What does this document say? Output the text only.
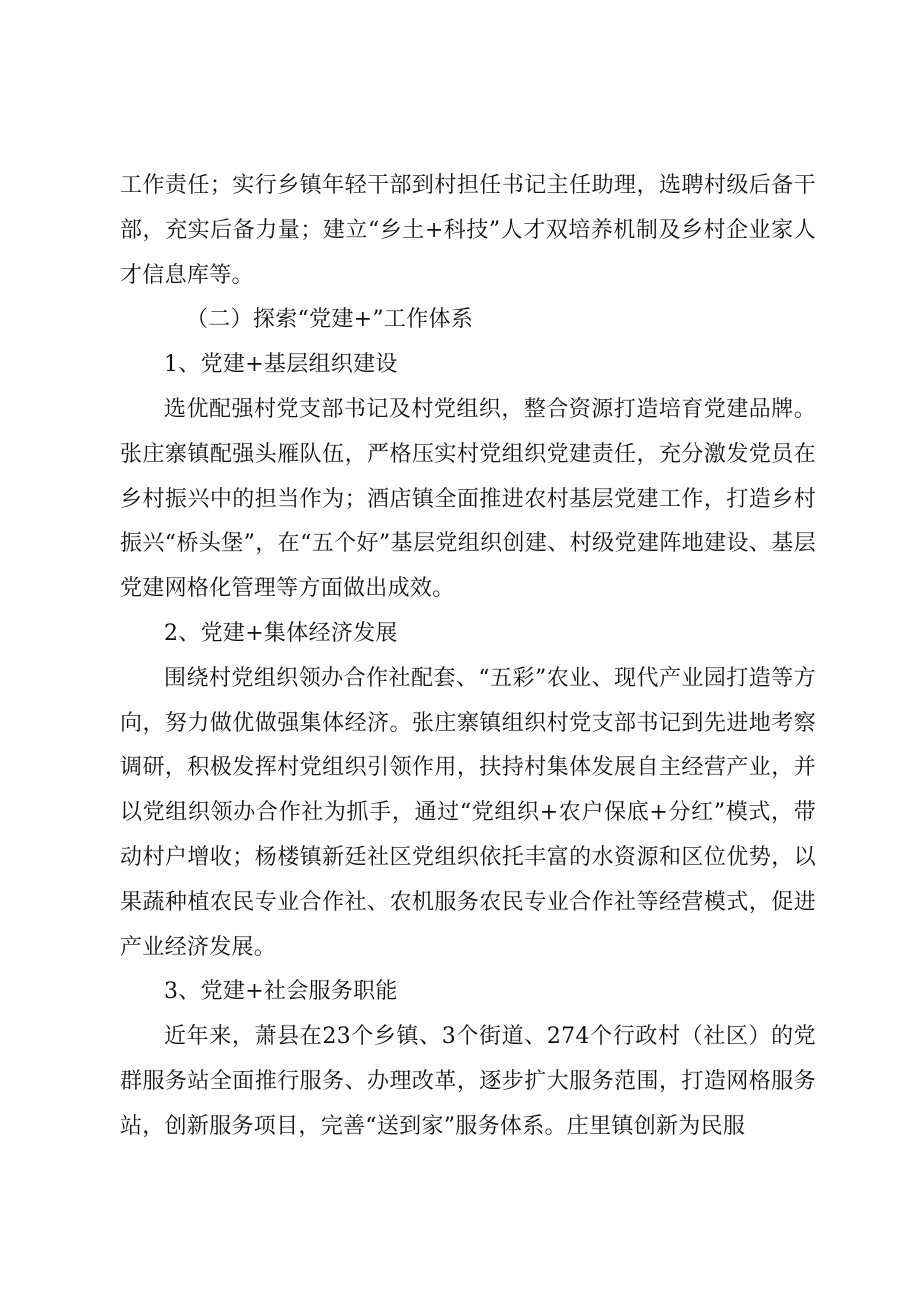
工作责任；实行乡镇年轻干部到村担任书记主任助理，选聘村级后备干部，充实后备力量；建立“乡土+科技”人才双培养机制及乡村企业家人才信息库等。

（二）探索“党建+”工作体系

1、党建+基层组织建设

选优配强村党支部书记及村党组织，整合资源打造培育党建品牌。张庄寨镇配强头雁队伍，严格压实村党组织党建责任，充分激发党员在乡村振兴中的担当作为；酒店镇全面推进农村基层党建工作，打造乡村振兴“桥头堡”，在“五个好”基层党组织创建、村级党建阵地建设、基层党建网格化管理等方面做出成效。

2、党建+集体经济发展

围绕村党组织领办合作社配套、“五彩”农业、现代产业园打造等方向，努力做优做强集体经济。张庄寨镇组织村党支部书记到先进地考察调研，积极发挥村党组织引领作用，扶持村集体发展自主经营产业，并以党组织领办合作社为抓手，通过“党组织+农户保底+分红”模式，带动村户增收；杨楼镇新廷社区党组织依托丰富的水资源和区位优势，以果蔬种植农民专业合作社、农机服务农民专业合作社等经营模式，促进产业经济发展。

3、党建+社会服务职能

近年来，萧县在23个乡镇、3个街道、274个行政村（社区）的党群服务站全面推行服务、办理改革，逐步扩大服务范围，打造网格服务站，创新服务项目，完善“送到家”服务体系。庄里镇创新为民服
